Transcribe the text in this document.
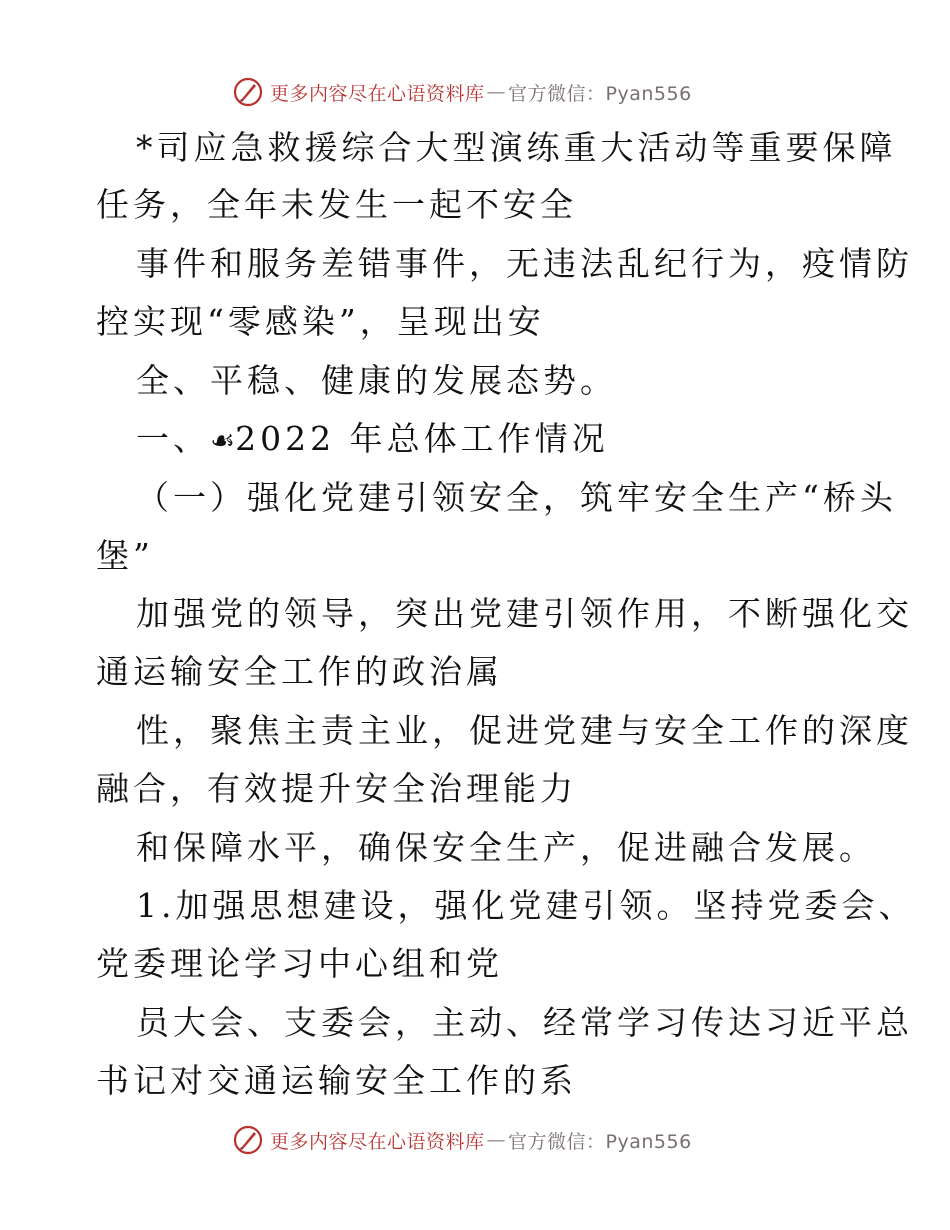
更多内容尽在心语资料库 — 官方微信：Pyan556
*司应急救援综合大型演练重大活动等重要保障
任务，全年未发生一起不安全
事件和服务差错事件，无违法乱纪行为，疫情防
控实现“零感染”，呈现出安
全、平稳、健康的发展态势。
一、☙2022 年总体工作情况
（一）强化党建引领安全，筑牢安全生产“桥头
堡”
加强党的领导，突出党建引领作用，不断强化交
通运输安全工作的政治属
性，聚焦主责主业，促进党建与安全工作的深度
融合，有效提升安全治理能力
和保障水平，确保安全生产，促进融合发展。
1.加强思想建设，强化党建引领。坚持党委会、
党委理论学习中心组和党
员大会、支委会，主动、经常学习传达习近平总
书记对交通运输安全工作的系
更多内容尽在心语资料库 — 官方微信：Pyan556
